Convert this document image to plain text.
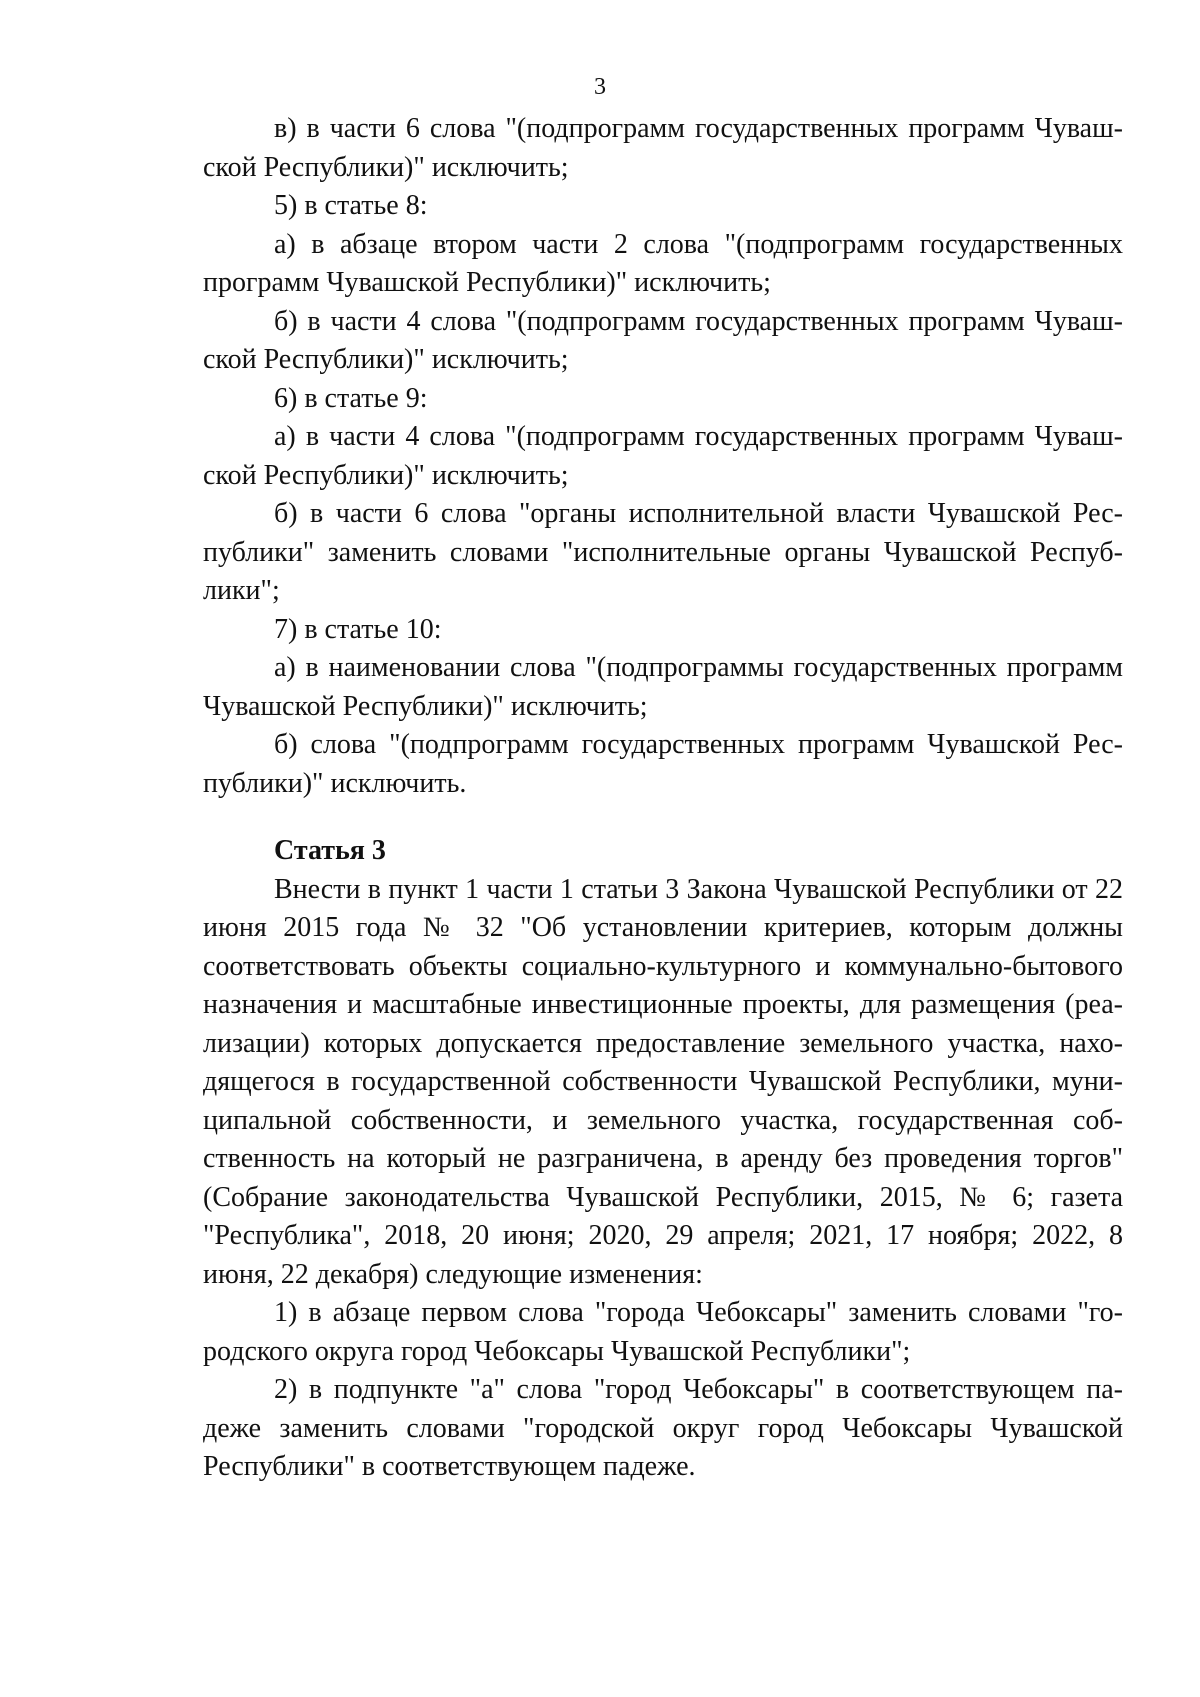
3

в) в части 6 слова "(подпрограмм государственных программ Чувашской Республики)" исключить;

5) в статье 8:

а) в абзаце втором части 2 слова "(подпрограмм государственных программ Чувашской Республики)" исключить;

б) в части 4 слова "(подпрограмм государственных программ Чувашской Республики)" исключить;

6) в статье 9:

а) в части 4 слова "(подпрограмм государственных программ Чувашской Республики)" исключить;

б) в части 6 слова "органы исполнительной власти Чувашской Республики" заменить словами "исполнительные органы Чувашской Республики";

7) в статье 10:

а) в наименовании слова "(подпрограммы государственных программ Чувашской Республики)" исключить;

б) слова "(подпрограмм государственных программ Чувашской Республики)" исключить.

Статья 3

Внести в пункт 1 части 1 статьи 3 Закона Чувашской Республики от 22 июня 2015 года № 32 "Об установлении критериев, которым должны соответствовать объекты социально-культурного и коммунально-бытового назначения и масштабные инвестиционные проекты, для размещения (реализации) которых допускается предоставление земельного участка, находящегося в государственной собственности Чувашской Республики, муниципальной собственности, и земельного участка, государственная собственность на который не разграничена, в аренду без проведения торгов" (Собрание законодательства Чувашской Республики, 2015, № 6; газета "Республика", 2018, 20 июня; 2020, 29 апреля; 2021, 17 ноября; 2022, 8 июня, 22 декабря) следующие изменения:

1) в абзаце первом слова "города Чебоксары" заменить словами "городского округа город Чебоксары Чувашской Республики";

2) в подпункте "а" слова "город Чебоксары" в соответствующем падеже заменить словами "городской округ город Чебоксары Чувашской Республики" в соответствующем падеже.
